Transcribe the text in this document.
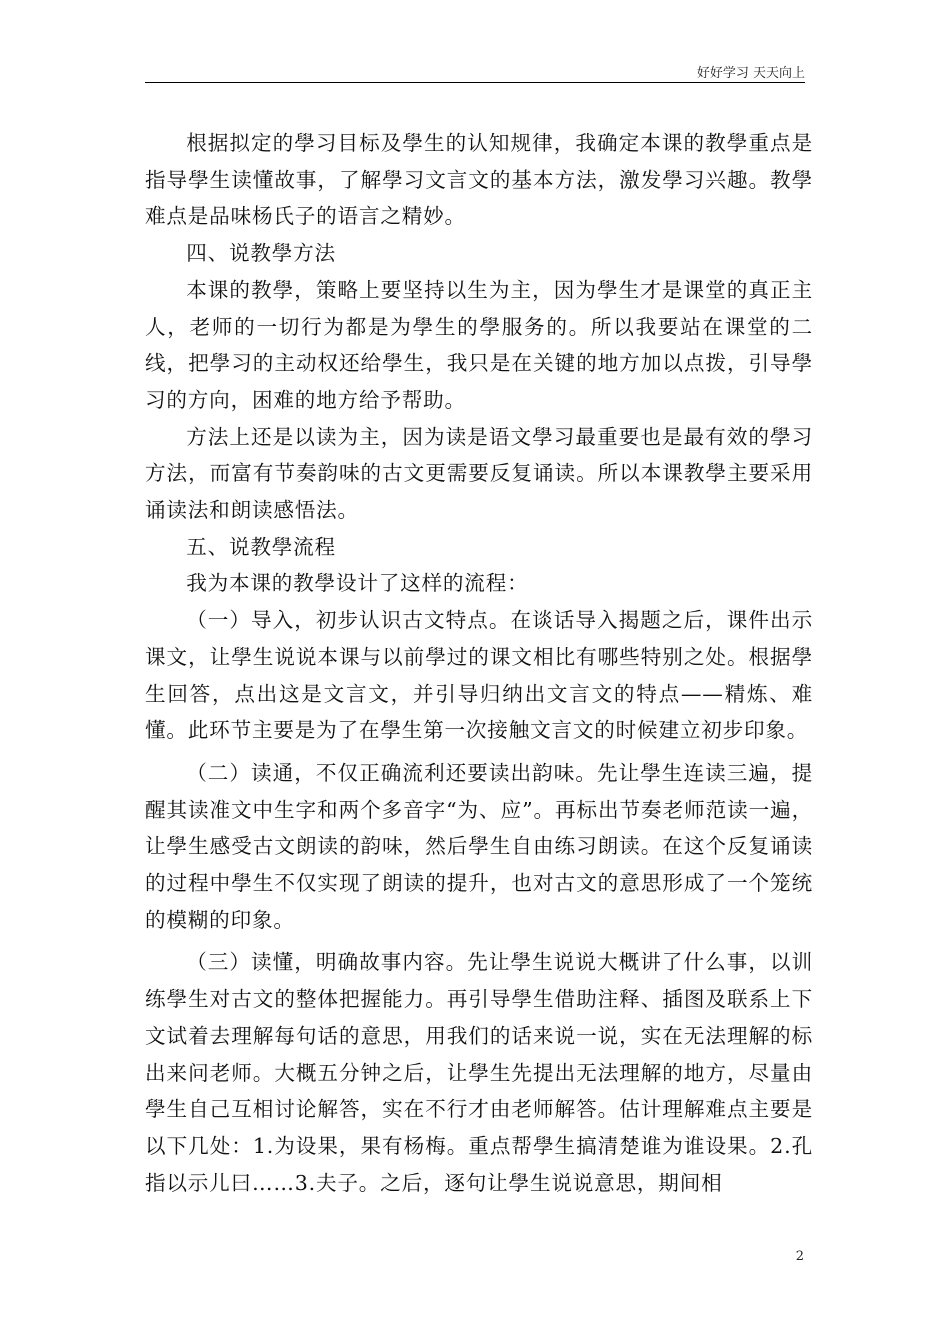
好好学习 天天向上

根据拟定的學习目标及學生的认知规律，我确定本课的教學重点是指导學生读懂故事，了解學习文言文的基本方法，激发學习兴趣。教學难点是品味杨氏子的语言之精妙。

四、说教學方法

本课的教學，策略上要坚持以生为主，因为學生才是课堂的真正主人，老师的一切行为都是为學生的學服务的。所以我要站在课堂的二线，把學习的主动权还给學生，我只是在关键的地方加以点拨，引导學习的方向，困难的地方给予帮助。

方法上还是以读为主，因为读是语文學习最重要也是最有效的學习方法，而富有节奏韵味的古文更需要反复诵读。所以本课教學主要采用诵读法和朗读感悟法。

五、说教學流程

我为本课的教學设计了这样的流程：

（一）导入，初步认识古文特点。在谈话导入揭题之后，课件出示课文，让學生说说本课与以前學过的课文相比有哪些特别之处。根据學生回答，点出这是文言文，并引导归纳出文言文的特点——精炼、难懂。此环节主要是为了在學生第一次接触文言文的时候建立初步印象。

（二）读通，不仅正确流利还要读出韵味。先让學生连读三遍，提醒其读准文中生字和两个多音字“为、应”。再标出节奏老师范读一遍，让學生感受古文朗读的韵味，然后學生自由练习朗读。在这个反复诵读的过程中學生不仅实现了朗读的提升，也对古文的意思形成了一个笼统的模糊的印象。

（三）读懂，明确故事内容。先让學生说说大概讲了什么事，以训练學生对古文的整体把握能力。再引导學生借助注释、插图及联系上下文试着去理解每句话的意思，用我们的话来说一说，实在无法理解的标出来问老师。大概五分钟之后，让學生先提出无法理解的地方，尽量由學生自己互相讨论解答，实在不行才由老师解答。估计理解难点主要是以下几处：1.为设果，果有杨梅。重点帮學生搞清楚谁为谁设果。2.孔指以示儿曰……3.夫子。之后，逐句让學生说说意思，期间相

2
